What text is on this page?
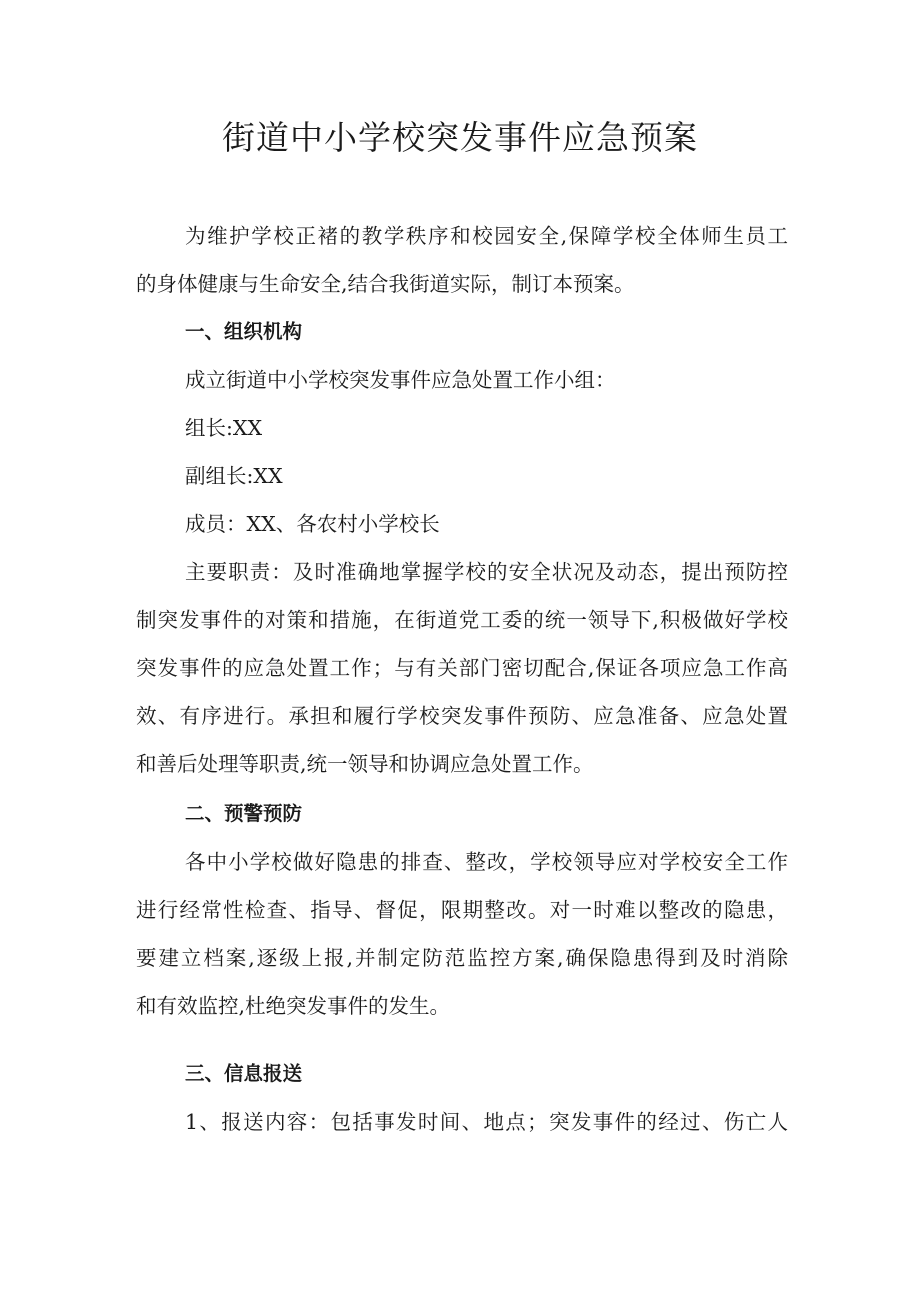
街道中小学校突发事件应急预案

为维护学校正褚的教学秩序和校园安全,保障学校全体师生员工

的身体健康与生命安全,结合我街道实际，制订本预案。

一、组织机构

成立街道中小学校突发事件应急处置工作小组：

组长:XX

副组长:XX

成员：XX、各农村小学校长

主要职责：及时准确地掌握学校的安全状况及动态，提出预防控

制突发事件的对策和措施，在街道党工委的统一领导下,积极做好学校

突发事件的应急处置工作；与有关部门密切配合,保证各项应急工作高

效、有序进行。承担和履行学校突发事件预防、应急准备、应急处置

和善后处理等职责,统一领导和协调应急处置工作。

二、预警预防

各中小学校做好隐患的排查、整改，学校领导应对学校安全工作

进行经常性检查、指导、督促，限期整改。对一时难以整改的隐患，

要建立档案,逐级上报,并制定防范监控方案,确保隐患得到及时消除

和有效监控,杜绝突发事件的发生。

三、信息报送

1、报送内容：包括事发时间、地点；突发事件的经过、伤亡人
